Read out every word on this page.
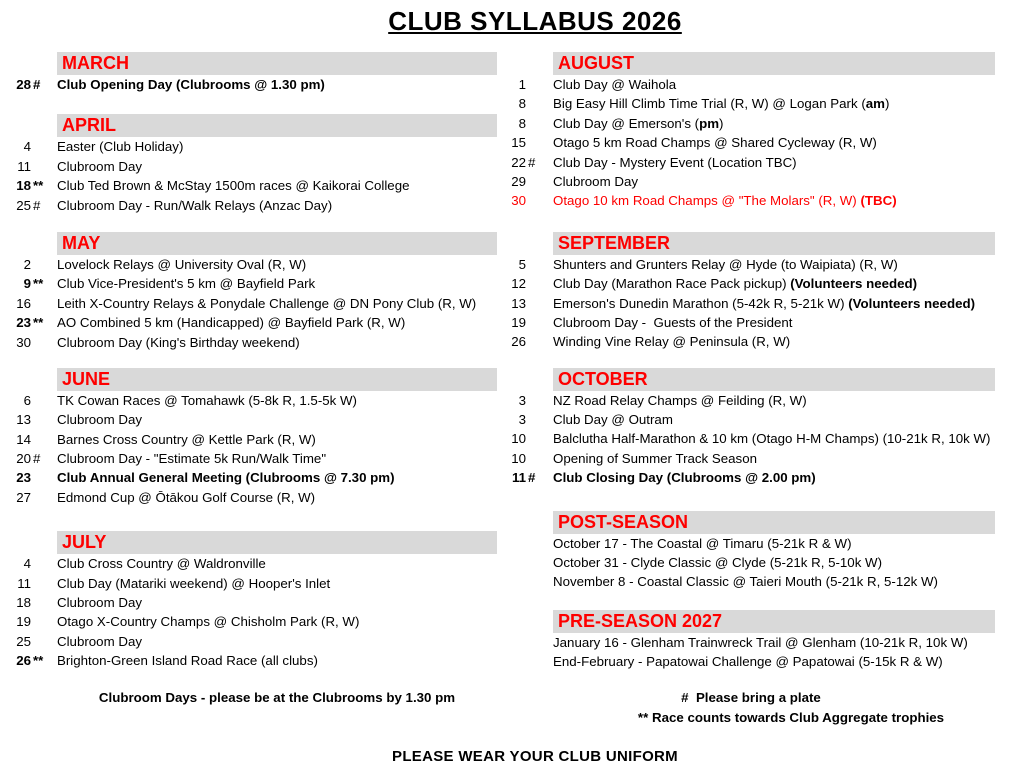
CLUB SYLLABUS 2026
MARCH
28 #	Club Opening Day (Clubrooms @ 1.30 pm)
APRIL
4 Easter (Club Holiday)
11 Clubroom Day
18 **	Club Ted Brown & McStay 1500m races @ Kaikorai College
25 #	Clubroom Day - Run/Walk Relays (Anzac Day)
MAY
2 Lovelock Relays @ University Oval (R, W)
9 **	Club Vice-President's 5 km @ Bayfield Park
16 Leith X-Country Relays & Ponydale Challenge @ DN Pony Club (R, W)
23 **	AO Combined 5 km (Handicapped) @ Bayfield Park (R, W)
30 Clubroom Day (King's Birthday weekend)
JUNE
6 TK Cowan Races @ Tomahawk (5-8k R, 1.5-5k W)
13 Clubroom Day
14 Barnes Cross Country @ Kettle Park (R, W)
20 #	Clubroom Day - "Estimate 5k Run/Walk Time"
23 Club Annual General Meeting (Clubrooms @ 7.30 pm)
27 Edmond Cup @ Ōtākou Golf Course (R, W)
JULY
4 Club Cross Country @ Waldronville
11 Club Day (Matariki weekend) @ Hooper's Inlet
18 Clubroom Day
19 Otago X-Country Champs @ Chisholm Park (R, W)
25 Clubroom Day
26 **	Brighton-Green Island Road Race (all clubs)
AUGUST
1 Club Day @ Waihola
8 Big Easy Hill Climb Time Trial (R, W) @ Logan Park (am)
8 Club Day @ Emerson's (pm)
15 Otago 5 km Road Champs @ Shared Cycleway (R, W)
22 #	Club Day - Mystery Event (Location TBC)
29 Clubroom Day
30 Otago 10 km Road Champs @ "The Molars" (R, W) (TBC)
SEPTEMBER
5 Shunters and Grunters Relay @ Hyde (to Waipiata) (R, W)
12 Club Day (Marathon Race Pack pickup) (Volunteers needed)
13 Emerson's Dunedin Marathon (5-42k R, 5-21k W) (Volunteers needed)
19 Clubroom Day -  Guests of the President
26 Winding Vine Relay @ Peninsula (R, W)
OCTOBER
3 NZ Road Relay Champs @ Feilding (R, W)
3 Club Day @ Outram
10 Balclutha Half-Marathon & 10 km (Otago H-M Champs) (10-21k R, 10k W)
10 Opening of Summer Track Season
11 #	Club Closing Day (Clubrooms @ 2.00 pm)
POST-SEASON
October 17 - The Coastal @ Timaru (5-21k R & W)
October 31 - Clyde Classic @ Clyde (5-21k R, 5-10k W)
November 8 - Coastal Classic @ Taieri Mouth (5-21k R, 5-12k W)
PRE-SEASON 2027
January 16 - Glenham Trainwreck Trail @ Glenham (10-21k R, 10k W)
End-February - Papatowai Challenge @ Papatowai (5-15k R & W)
Clubroom Days - please be at the Clubrooms by 1.30 pm	#  Please bring a plate
** Race counts towards Club Aggregate trophies
PLEASE WEAR YOUR CLUB UNIFORM
